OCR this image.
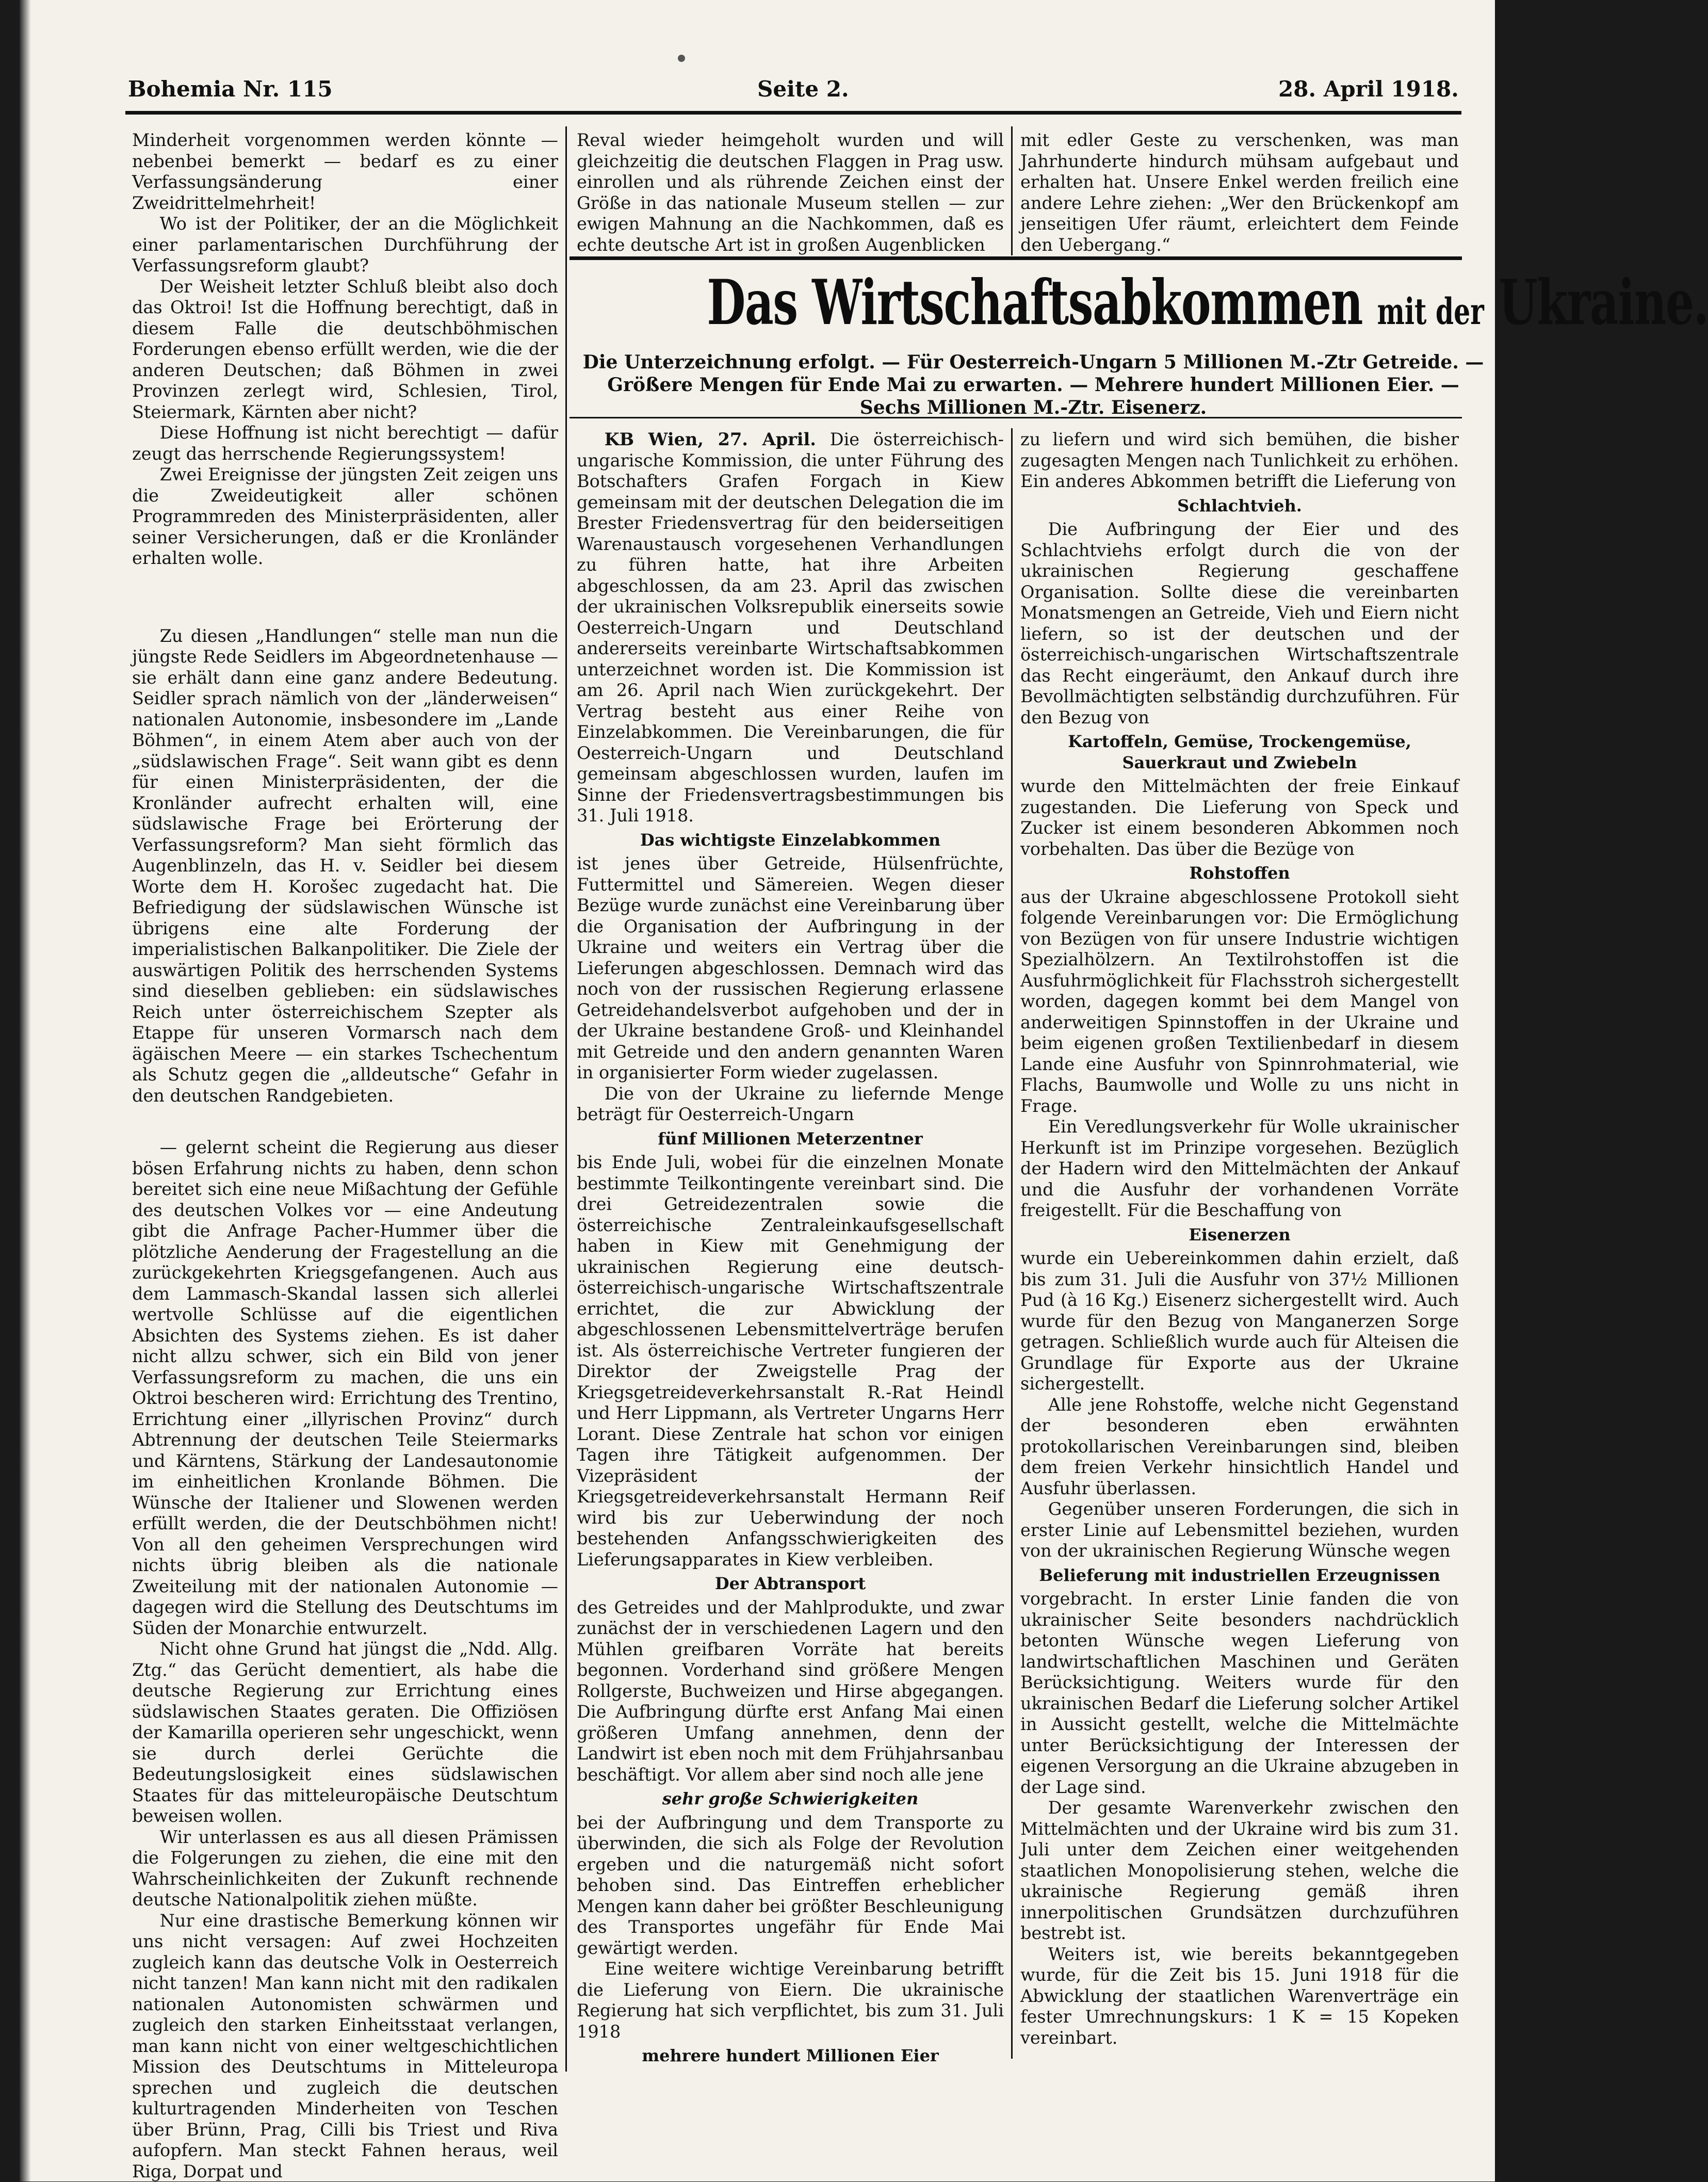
Bohemia Nr. 115	Seite 2.	28. April 1918.

Minderheit vorgenommen werden könnte — nebenbei bemerkt — bedarf es zu einer Verfassungsänderung einer Zweidrittelmehrheit!

Wo ist der Politiker, der an die Möglichkeit einer parlamentarischen Durchführung der Verfassungsreform glaubt?

Der Weisheit letzter Schluß bleibt also doch das Oktroi! Ist die Hoffnung berechtigt, daß in diesem Falle die deutschböhmischen Forderungen ebenso erfüllt werden, wie die der anderen Deutschen; daß Böhmen in zwei Provinzen zerlegt wird, Schlesien, Tirol, Steiermark, Kärnten aber nicht?

Diese Hoffnung ist nicht berechtigt — dafür zeugt das herrschende Regierungssystem!

Zwei Ereignisse der jüngsten Zeit zeigen uns die Zweideutigkeit aller schönen Programmreden des Ministerpräsidenten, aller seiner Versicherungen, daß er die Kronländer erhalten wolle.

Zu diesen „Handlungen“ stelle man nun die jüngste Rede Seidlers im Abgeordnetenhause — sie erhält dann eine ganz andere Bedeutung. Seidler sprach nämlich von der „länderweisen“ nationalen Autonomie, insbesondere im „Lande Böhmen“, in einem Atem aber auch von der „südslawischen Frage“. Seit wann gibt es denn für einen Ministerpräsidenten, der die Kronländer aufrecht erhalten will, eine südslawische Frage bei Erörterung der Verfassungsreform? Man sieht förmlich das Augenblinzeln, das H. v. Seidler bei diesem Worte dem H. Korošec zugedacht hat. Die Befriedigung der südslawischen Wünsche ist übrigens eine alte Forderung der imperialistischen Balkanpolitiker. Die Ziele der auswärtigen Politik des herrschenden Systems sind dieselben geblieben: ein südslawisches Reich unter österreichischem Szepter als Etappe für unseren Vormarsch nach dem ägäischen Meere — ein starkes Tschechentum als Schutz gegen die „alldeutsche“ Gefahr in den deutschen Randgebieten.

— gelernt scheint die Regierung aus dieser bösen Erfahrung nichts zu haben, denn schon bereitet sich eine neue Mißachtung der Gefühle des deutschen Volkes vor — eine Andeutung gibt die Anfrage Pacher-Hummer über die plötzliche Aenderung der Fragestellung an die zurückgekehrten Kriegsgefangenen. Auch aus dem Lammasch-Skandal lassen sich allerlei wertvolle Schlüsse auf die eigentlichen Absichten des Systems ziehen. Es ist daher nicht allzu schwer, sich ein Bild von jener Verfassungsreform zu machen, die uns ein Oktroi bescheren wird: Errichtung des Trentino, Errichtung einer „illyrischen Provinz“ durch Abtrennung der deutschen Teile Steiermarks und Kärntens, Stärkung der Landesautonomie im einheitlichen Kronlande Böhmen. Die Wünsche der Italiener und Slowenen werden erfüllt werden, die der Deutschböhmen nicht! Von all den geheimen Versprechungen wird nichts übrig bleiben als die nationale Zweiteilung mit der nationalen Autonomie — dagegen wird die Stellung des Deutschtums im Süden der Monarchie entwurzelt.

Nicht ohne Grund hat jüngst die „Ndd. Allg. Ztg.“ das Gerücht dementiert, als habe die deutsche Regierung zur Errichtung eines südslawischen Staates geraten. Die Offiziösen der Kamarilla operieren sehr ungeschickt, wenn sie durch derlei Gerüchte die Bedeutungslosigkeit eines südslawischen Staates für das mitteleuropäische Deutschtum beweisen wollen.

Wir unterlassen es aus all diesen Prämissen die Folgerungen zu ziehen, die eine mit den Wahrscheinlichkeiten der Zukunft rechnende deutsche Nationalpolitik ziehen müßte.

Nur eine drastische Bemerkung können wir uns nicht versagen: Auf zwei Hochzeiten zugleich kann das deutsche Volk in Oesterreich nicht tanzen! Man kann nicht mit den radikalen nationalen Autonomisten schwärmen und zugleich den starken Einheitsstaat verlangen, man kann nicht von einer weltgeschichtlichen Mission des Deutschtums in Mitteleuropa sprechen und zugleich die deutschen kulturtragenden Minderheiten von Teschen über Brünn, Prag, Cilli bis Triest und Riva aufopfern. Man steckt Fahnen heraus, weil Riga, Dorpat und

Reval wieder heimgeholt wurden und will gleichzeitig die deutschen Flaggen in Prag usw. einrollen und als rührende Zeichen einst der Größe in das nationale Museum stellen — zur ewigen Mahnung an die Nachkommen, daß es echte deutsche Art ist in großen Augenblicken

mit edler Geste zu verschenken, was man Jahrhunderte hindurch mühsam aufgebaut und erhalten hat. Unsere Enkel werden freilich eine andere Lehre ziehen: „Wer den Brückenkopf am jenseitigen Ufer räumt, erleichtert dem Feinde den Uebergang.“

Das Wirtschaftsabkommen mit der Ukraine.
Die Unterzeichnung erfolgt. — Für Oesterreich-Ungarn 5 Millionen M.-Ztr Getreide. — Größere Mengen für Ende Mai zu erwarten. — Mehrere hundert Millionen Eier. — Sechs Millionen M.-Ztr. Eisenerz.

KB Wien, 27. April. Die österreichisch-ungarische Kommission, die unter Führung des Botschafters Grafen Forgach in Kiew gemeinsam mit der deutschen Delegation die im Brester Friedensvertrag für den beiderseitigen Warenaustausch vorgesehenen Verhandlungen zu führen hatte, hat ihre Arbeiten abgeschlossen, da am 23. April das zwischen der ukrainischen Volksrepublik einerseits sowie Oesterreich-Ungarn und Deutschland andererseits vereinbarte Wirtschaftsabkommen unterzeichnet worden ist. Die Kommission ist am 26. April nach Wien zurückgekehrt. Der Vertrag besteht aus einer Reihe von Einzelabkommen. Die Vereinbarungen, die für Oesterreich-Ungarn und Deutschland gemeinsam abgeschlossen wurden, laufen im Sinne der Friedensvertragsbestimmungen bis 31. Juli 1918.

Das wichtigste Einzelabkommen

ist jenes über Getreide, Hülsenfrüchte, Futtermittel und Sämereien. Wegen dieser Bezüge wurde zunächst eine Vereinbarung über die Organisation der Aufbringung in der Ukraine und weiters ein Vertrag über die Lieferungen abgeschlossen. Demnach wird das noch von der russischen Regierung erlassene Getreidehandelsverbot aufgehoben und der in der Ukraine bestandene Groß- und Kleinhandel mit Getreide und den andern genannten Waren in organisierter Form wieder zugelassen.

Die von der Ukraine zu liefernde Menge beträgt für Oesterreich-Ungarn

fünf Millionen Meterzentner

bis Ende Juli, wobei für die einzelnen Monate bestimmte Teilkontingente vereinbart sind. Die drei Getreidezentralen sowie die österreichische Zentraleinkaufsgesellschaft haben in Kiew mit Genehmigung der ukrainischen Regierung eine deutsch-österreichisch-ungarische Wirtschaftszentrale errichtet, die zur Abwicklung der abgeschlossenen Lebensmittelverträge berufen ist. Als österreichische Vertreter fungieren der Direktor der Zweigstelle Prag der Kriegsgetreideverkehrsanstalt R.-Rat Heindl und Herr Lippmann, als Vertreter Ungarns Herr Lorant. Diese Zentrale hat schon vor einigen Tagen ihre Tätigkeit aufgenommen. Der Vizepräsident der Kriegsgetreideverkehrsanstalt Hermann Reif wird bis zur Ueberwindung der noch bestehenden Anfangsschwierigkeiten des Lieferungsapparates in Kiew verbleiben.

Der Abtransport

des Getreides und der Mahlprodukte, und zwar zunächst der in verschiedenen Lagern und den Mühlen greifbaren Vorräte hat bereits begonnen. Vorderhand sind größere Mengen Rollgerste, Buchweizen und Hirse abgegangen. Die Aufbringung dürfte erst Anfang Mai einen größeren Umfang annehmen, denn der Landwirt ist eben noch mit dem Frühjahrsanbau beschäftigt. Vor allem aber sind noch alle jene

sehr große Schwierigkeiten

bei der Aufbringung und dem Transporte zu überwinden, die sich als Folge der Revolution ergeben und die naturgemäß nicht sofort behoben sind. Das Eintreffen erheblicher Mengen kann daher bei größter Beschleunigung des Transportes ungefähr für Ende Mai gewärtigt werden.

Eine weitere wichtige Vereinbarung betrifft die Lieferung von Eiern. Die ukrainische Regierung hat sich verpflichtet, bis zum 31. Juli 1918

mehrere hundert Millionen Eier

zu liefern und wird sich bemühen, die bisher zugesagten Mengen nach Tunlichkeit zu erhöhen. Ein anderes Abkommen betrifft die Lieferung von

Schlachtvieh.

Die Aufbringung der Eier und des Schlachtviehs erfolgt durch die von der ukrainischen Regierung geschaffene Organisation. Sollte diese die vereinbarten Monatsmengen an Getreide, Vieh und Eiern nicht liefern, so ist der deutschen und der österreichisch-ungarischen Wirtschaftszentrale das Recht eingeräumt, den Ankauf durch ihre Bevollmächtigten selbständig durchzuführen. Für den Bezug von

Kartoffeln, Gemüse, Trockengemüse, Sauerkraut und Zwiebeln

wurde den Mittelmächten der freie Einkauf zugestanden. Die Lieferung von Speck und Zucker ist einem besonderen Abkommen noch vorbehalten. Das über die Bezüge von

Rohstoffen

aus der Ukraine abgeschlossene Protokoll sieht folgende Vereinbarungen vor: Die Ermöglichung von Bezügen von für unsere Industrie wichtigen Spezialhölzern. An Textilrohstoffen ist die Ausfuhrmöglichkeit für Flachsstroh sichergestellt worden, dagegen kommt bei dem Mangel von anderweitigen Spinnstoffen in der Ukraine und beim eigenen großen Textilienbedarf in diesem Lande eine Ausfuhr von Spinnrohmaterial, wie Flachs, Baumwolle und Wolle zu uns nicht in Frage.

Ein Veredlungsverkehr für Wolle ukrainischer Herkunft ist im Prinzipe vorgesehen. Bezüglich der Hadern wird den Mittelmächten der Ankauf und die Ausfuhr der vorhandenen Vorräte freigestellt. Für die Beschaffung von

Eisenerzen

wurde ein Uebereinkommen dahin erzielt, daß bis zum 31. Juli die Ausfuhr von 37½ Millionen Pud (à 16 Kg.) Eisenerz sichergestellt wird. Auch wurde für den Bezug von Manganerzen Sorge getragen. Schließlich wurde auch für Alteisen die Grundlage für Exporte aus der Ukraine sichergestellt.

Alle jene Rohstoffe, welche nicht Gegenstand der besonderen eben erwähnten protokollarischen Vereinbarungen sind, bleiben dem freien Verkehr hinsichtlich Handel und Ausfuhr überlassen.

Gegenüber unseren Forderungen, die sich in erster Linie auf Lebensmittel beziehen, wurden von der ukrainischen Regierung Wünsche wegen

Belieferung mit industriellen Erzeugnissen

vorgebracht. In erster Linie fanden die von ukrainischer Seite besonders nachdrücklich betonten Wünsche wegen Lieferung von landwirtschaftlichen Maschinen und Geräten Berücksichtigung. Weiters wurde für den ukrainischen Bedarf die Lieferung solcher Artikel in Aussicht gestellt, welche die Mittelmächte unter Berücksichtigung der Interessen der eigenen Versorgung an die Ukraine abzugeben in der Lage sind.

Der gesamte Warenverkehr zwischen den Mittelmächten und der Ukraine wird bis zum 31. Juli unter dem Zeichen einer weitgehenden staatlichen Monopolisierung stehen, welche die ukrainische Regierung gemäß ihren innerpolitischen Grundsätzen durchzuführen bestrebt ist.

Weiters ist, wie bereits bekanntgegeben wurde, für die Zeit bis 15. Juni 1918 für die Abwicklung der staatlichen Warenverträge ein fester Umrechnungskurs: 1 K = 15 Kopeken vereinbart.
